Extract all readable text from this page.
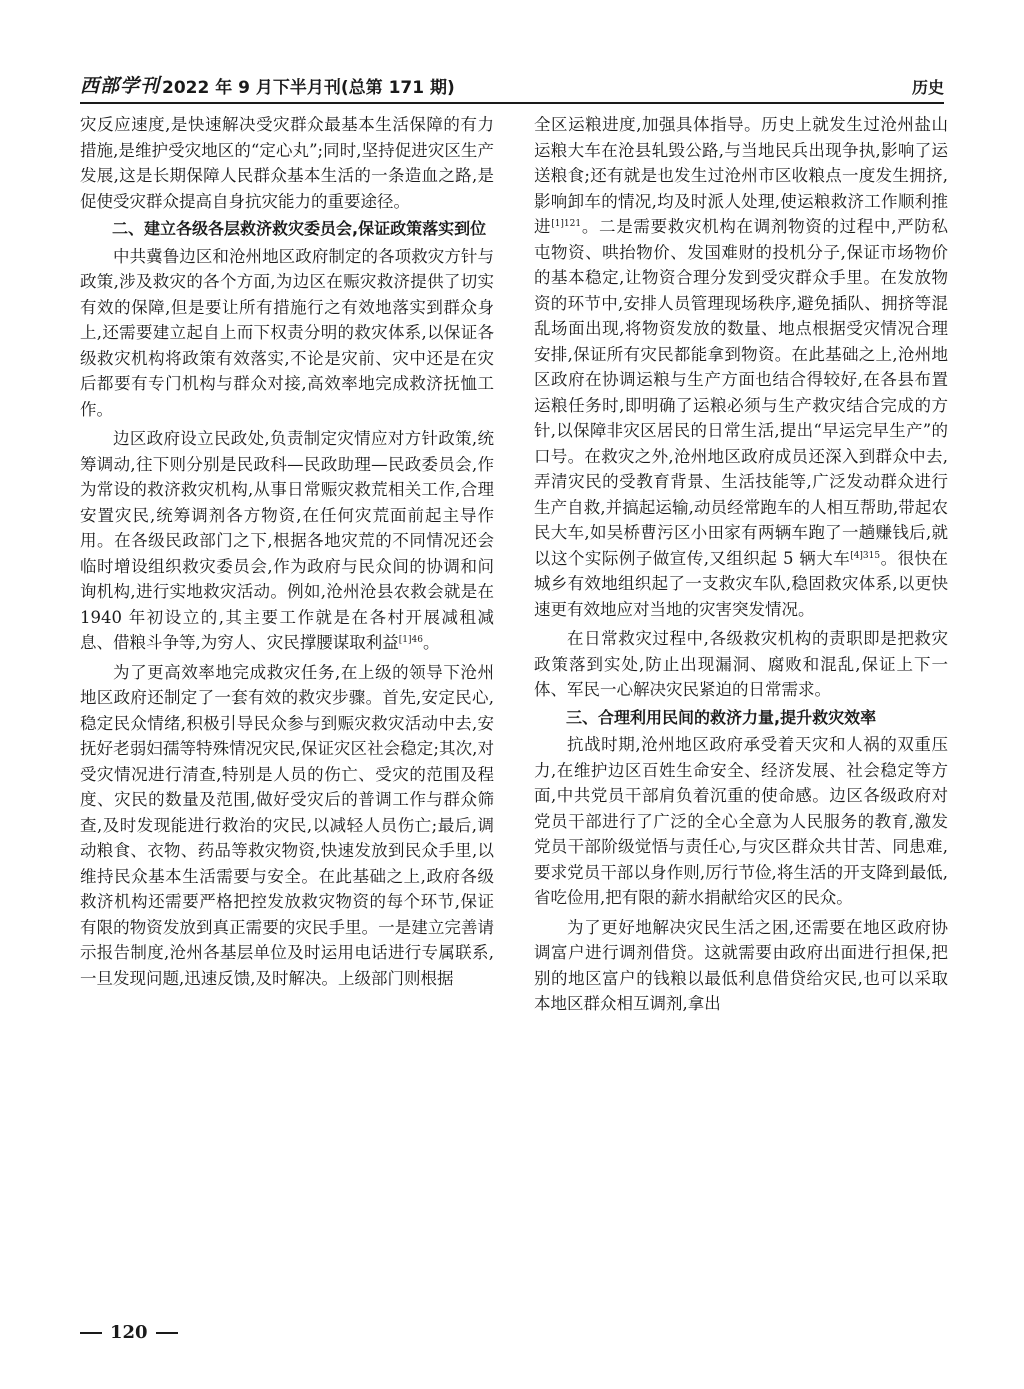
西部学刊 2022 年 9 月下半月刊(总第 171 期)	历史

灾反应速度,是快速解决受灾群众最基本生活保障的有力措施,是维护受灾地区的“定心丸”;同时,坚持促进灾区生产发展,这是长期保障人民群众基本生活的一条造血之路,是促使受灾群众提高自身抗灾能力的重要途径。

二、建立各级各层救济救灾委员会,保证政策落实到位

中共冀鲁边区和沧州地区政府制定的各项救灾方针与政策,涉及救灾的各个方面,为边区在赈灾救济提供了切实有效的保障,但是要让所有措施行之有效地落实到群众身上,还需要建立起自上而下权责分明的救灾体系,以保证各级救灾机构将政策有效落实,不论是灾前、灾中还是在灾后都要有专门机构与群众对接,高效率地完成救济抚恤工作。

边区政府设立民政处,负责制定灾情应对方针政策,统筹调动,往下则分别是民政科—民政助理—民政委员会,作为常设的救济救灾机构,从事日常赈灾救荒相关工作,合理安置灾民,统筹调剂各方物资,在任何灾荒面前起主导作用。在各级民政部门之下,根据各地灾荒的不同情况还会临时增设组织救灾委员会,作为政府与民众间的协调和问询机构,进行实地救灾活动。例如,沧州沧县农救会就是在 1940 年初设立的,其主要工作就是在各村开展减租减息、借粮斗争等,为穷人、灾民撑腰谋取利益$^{[1]46}$。

为了更高效率地完成救灾任务,在上级的领导下沧州地区政府还制定了一套有效的救灾步骤。首先,安定民心,稳定民众情绪,积极引导民众参与到赈灾救灾活动中去,安抚好老弱妇孺等特殊情况灾民,保证灾区社会稳定;其次,对受灾情况进行清查,特别是人员的伤亡、受灾的范围及程度、灾民的数量及范围,做好受灾后的普调工作与群众筛查,及时发现能进行救治的灾民,以减轻人员伤亡;最后,调动粮食、衣物、药品等救灾物资,快速发放到民众手里,以维持民众基本生活需要与安全。在此基础之上,政府各级救济机构还需要严格把控发放救灾物资的每个环节,保证有限的物资发放到真正需要的灾民手里。一是建立完善请示报告制度,沧州各基层单位及时运用电话进行专属联系,一旦发现问题,迅速反馈,及时解决。上级部门则根据

全区运粮进度,加强具体指导。历史上就发生过沧州盐山运粮大车在沧县轧毁公路,与当地民兵出现争执,影响了运送粮食;还有就是也发生过沧州市区收粮点一度发生拥挤,影响卸车的情况,均及时派人处理,使运粮救济工作顺利推进$^{[1]121}$。二是需要救灾机构在调剂物资的过程中,严防私屯物资、哄抬物价、发国难财的投机分子,保证市场物价的基本稳定,让物资合理分发到受灾群众手里。在发放物资的环节中,安排人员管理现场秩序,避免插队、拥挤等混乱场面出现,将物资发放的数量、地点根据受灾情况合理安排,保证所有灾民都能拿到物资。在此基础之上,沧州地区政府在协调运粮与生产方面也结合得较好,在各县布置运粮任务时,即明确了运粮必须与生产救灾结合完成的方针,以保障非灾区居民的日常生活,提出“早运完早生产”的口号。在救灾之外,沧州地区政府成员还深入到群众中去,弄清灾民的受教育背景、生活技能等,广泛发动群众进行生产自救,并搞起运输,动员经常跑车的人相互帮助,带起农民大车,如吴桥曹污区小田家有两辆车跑了一趟赚钱后,就以这个实际例子做宣传,又组织起 5 辆大车$^{[4]315}$。很快在城乡有效地组织起了一支救灾车队,稳固救灾体系,以更快速更有效地应对当地的灾害突发情况。

在日常救灾过程中,各级救灾机构的责职即是把救灾政策落到实处,防止出现漏洞、腐败和混乱,保证上下一体、军民一心解决灾民紧迫的日常需求。

三、合理利用民间的救济力量,提升救灾效率

抗战时期,沧州地区政府承受着天灾和人祸的双重压力,在维护边区百姓生命安全、经济发展、社会稳定等方面,中共党员干部肩负着沉重的使命感。边区各级政府对党员干部进行了广泛的全心全意为人民服务的教育,激发党员干部阶级觉悟与责任心,与灾区群众共甘苦、同患难,要求党员干部以身作则,厉行节俭,将生活的开支降到最低,省吃俭用,把有限的薪水捐献给灾区的民众。

为了更好地解决灾民生活之困,还需要在地区政府协调富户进行调剂借贷。这就需要由政府出面进行担保,把别的地区富户的钱粮以最低利息借贷给灾民,也可以采取本地区群众相互调剂,拿出

120
